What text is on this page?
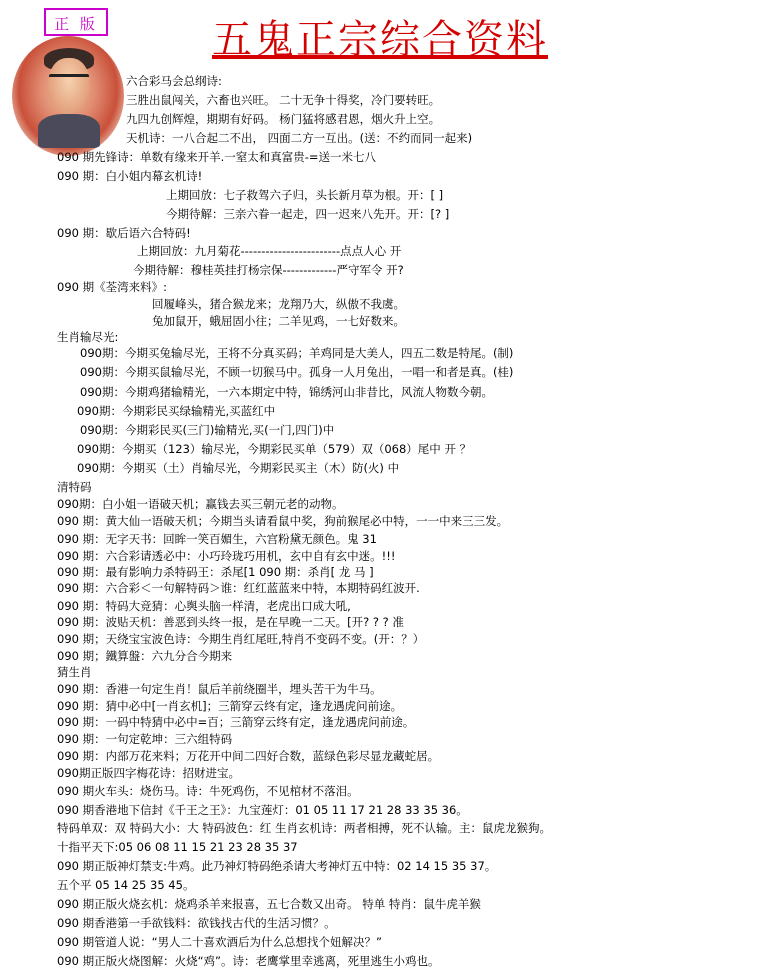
正 版	五鬼正宗综合资料
六合彩马会总纲诗:
三胜出鼠闯关，六畜也兴旺。 二十无争十得奖，冷门要转旺。
九四九创辉煌，期期有好码。 杨门猛将感君恩，烟火升上空。
天机诗：一八合起二不出， 四面二方一互出。(送：不约而同一起来)
090 期先锋诗：单数有缘来开羊.一窒太和真富贵-=送一米七八
090 期：白小姐内幕玄机诗!
上期回放：七子救驾六子归，头长新月草为根。开：[ ]
今期待解：三亲六眷一起走，四一迟来八先开。开：[? ]
090 期：歇后语六合特码!
上期回放：九月菊花------------------------点点人心 开
今期待解：穆桂英挂打杨宗保-------------严守军令 开?
090 期《荃湾来料》:
回履峰头，猪合猴龙来；龙翔乃大，纵傲不我虞。
兔加鼠开，蛾屈固小往；二羊见鸡，一七好数来。
生肖输尽光:
090期：今期买兔输尽光，王将不分真买码；羊鸡同是大美人，四五二数是特尾。(制)
090期：今期买鼠输尽光，不顾一切猴马中。孤身一人月兔出，一唱一和者是真。(桂)
090期：今期鸡猪输精光，一六本期定中特，锦绣河山非昔比，风流人物数今朝。
090期：今期彩民买绿输精光,买蓝红中
090期：今期彩民买(三门)输精光,买(一门,四门)中
090期：今期买（123）输尽光，今期彩民买单（579）双（068）尾中 开 ？
090期：今期买（土）肖输尽光，今期彩民买主（木）防(火) 中
清特码
090期：白小姐一语破天机；赢钱去买三朝元老的动物。
090 期：黄大仙一语破天机；今期当头请看鼠中奖，狗前猴尾必中特，一一中来三三发。
090 期：无字天书：回眸一笑百媚生，六宫粉黛无颜色。鬼 31
090 期：六合彩请透必中：小巧玲珑巧用机，玄中自有玄中迷。!!!
090 期：最有影响力杀特码王：杀尾[1 090 期：杀肖[ 龙 马 ]
090 期：六合彩＜一句解特码＞谁：红红蓝蓝来中特，本期特码红波开.
090 期：特码大竞猜：心舆头脑一样清，老虎出口成大吼,
090 期：波贴天机：善恶到头终一报，是在早晚一二天。[开? ? ? 准
090 期；天绕宝宝波色诗：今期生肖红尾旺,特肖不变码不变。(开：？）
090 期；鐵算盤：六九分合今期来
猜生肖
090 期：香港一句定生肖！鼠后羊前绕圈半，埋头苦干为牛马。
090 期：猜中必中[一肖玄机]；三箭穿云终有定，逢龙遇虎问前途。
090 期：一码中特猜中必中=百；三箭穿云终有定，逢龙遇虎问前途。
090 期：一句定乾坤：三六组特码
090 期：内部万花来料；万花开中间二四好合数，蓝绿色彩尽显龙藏蛇居。
090期正版四字梅花诗：招财进宝。
090 期火车头：烧伤马。诗：牛死鸡伤，不见棺材不落泪。
090 期香港地下信封《千王之王》：九宝莲灯：01 05 11 17 21 28 33 35 36。
特码单双：双 特码大小：大 特码波色：红 生肖玄机诗：两者相搏，死不认输。主：鼠虎龙猴狗。
十指平天下:05 06 08 11 15 21 23 28 35 37
090 期正版神灯禁支:牛鸡。此乃神灯特码绝杀请大考神灯五中特：02 14 15 35 37。
五个平 05 14 25 35 45。
090 期正版火烧玄机：烧鸡杀羊来报喜，五七合数又出奇。 特单 特肖：鼠牛虎羊猴
090 期香港第一手欲钱料：欲钱找古代的生活习惯？。
090 期管道人说：“男人二十喜欢酒后为什么总想找个妞解决？”
090 期正版火烧图解：火烧“鸡”。诗：老鹰掌里幸逃离，死里逃生小鸡也。
